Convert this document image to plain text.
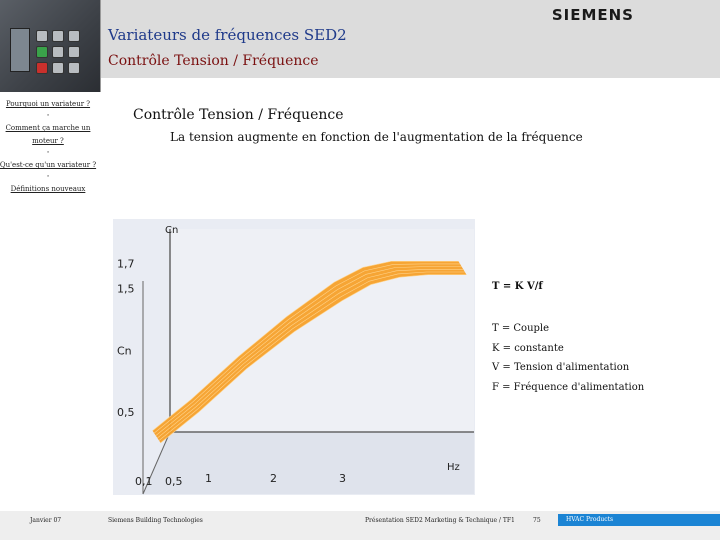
SIEMENS
Variateurs de fréquences SED2
Contrôle Tension / Fréquence
Pourquoi un variateur ?
·
Comment ça marche un moteur ?
·
Qu'est-ce qu'un variateur ?
·
Définitions nouveaux
Contrôle Tension / Fréquence
La tension augmente en fonction de l'augmentation de la fréquence
1,7
1,5
Cn
0,5
0,1 0,5 1	2	3
Cn
Hz
T = K V/f
T = Couple
K = constante
V = Tension d'alimentation
F = Fréquence d'alimentation
Janvier 07	Siemens Building Technologies	Présentation SED2 Marketing & Technique / TF1	75	HVAC Products
